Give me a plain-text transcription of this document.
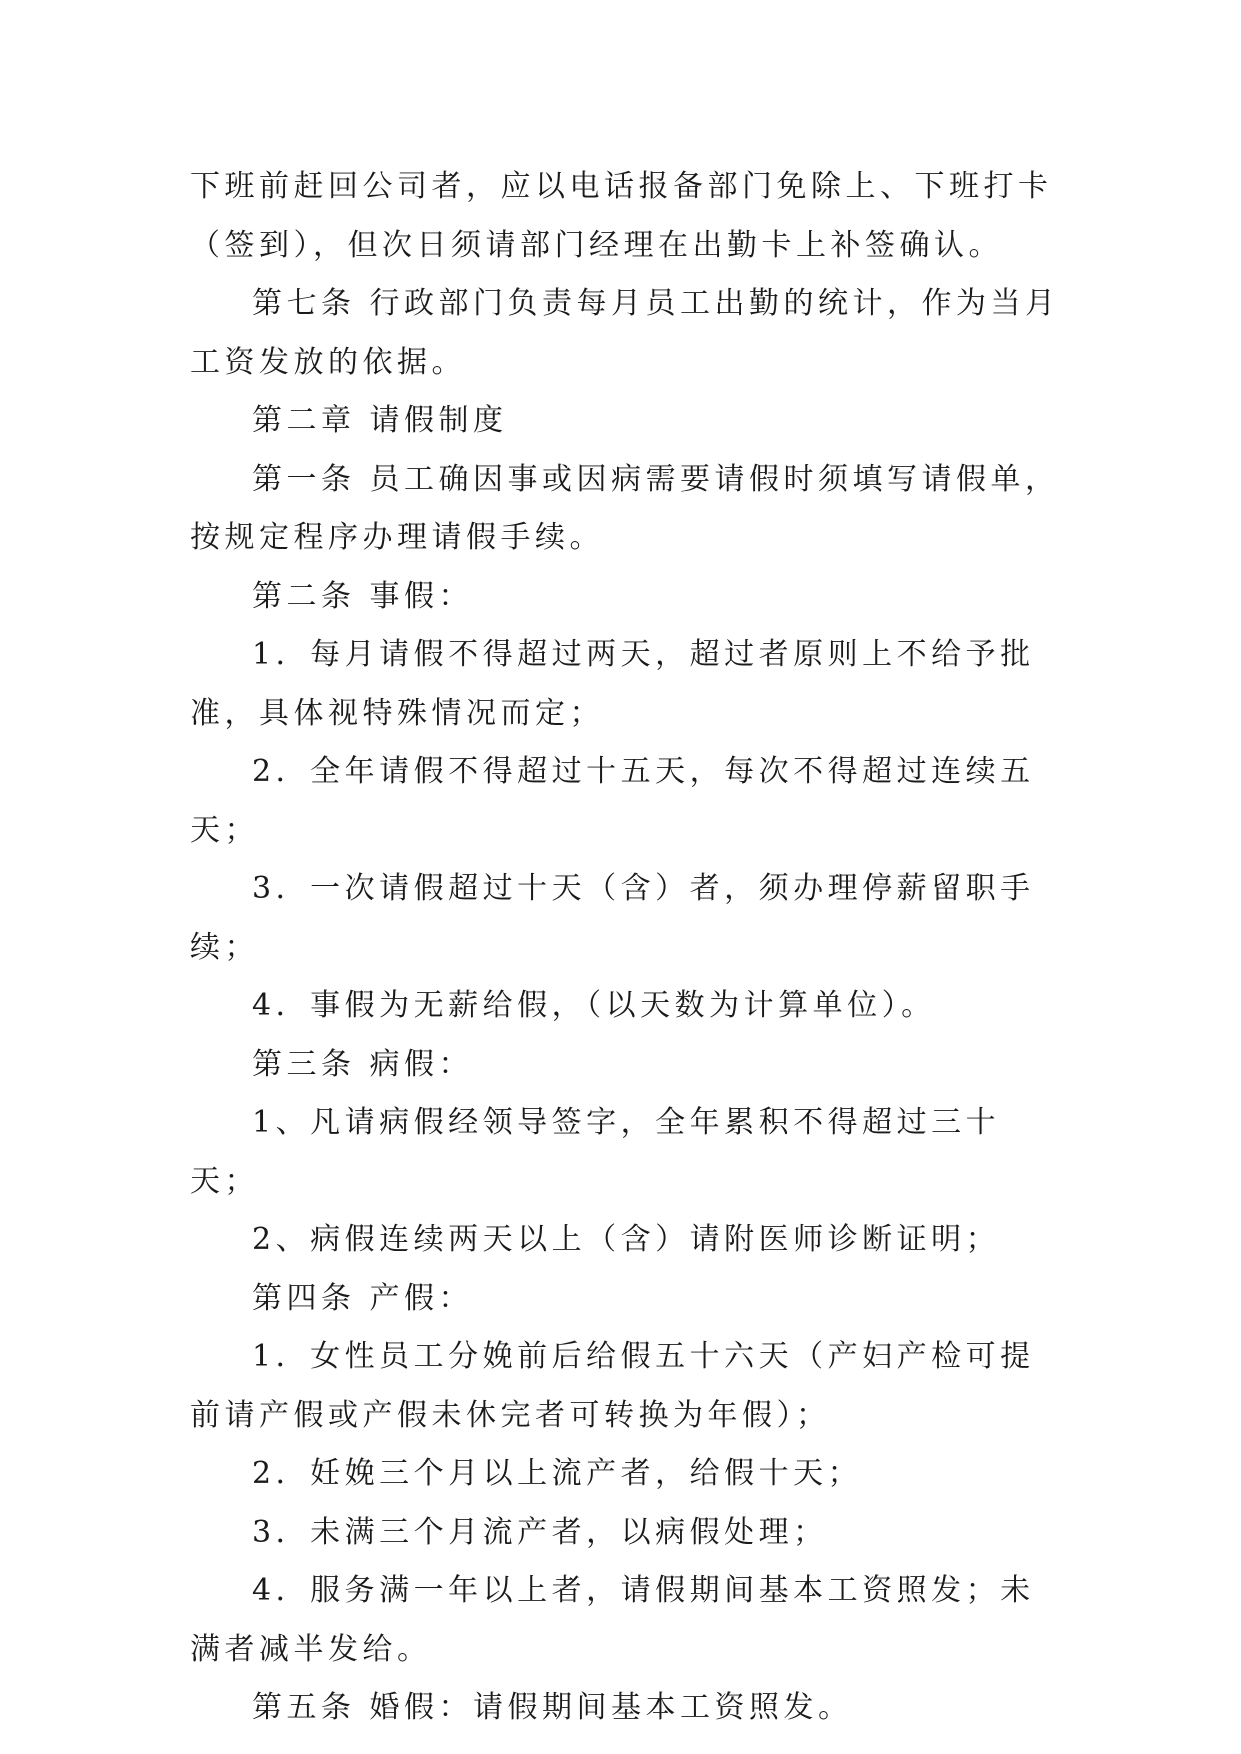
下班前赶回公司者，应以电话报备部门免除上、下班打卡（签到），但次日须请部门经理在出勤卡上补签确认。

第七条 行政部门负责每月员工出勤的统计，作为当月工资发放的依据。

第二章 请假制度

第一条 员工确因事或因病需要请假时须填写请假单，按规定程序办理请假手续。

第二条 事假：

1．每月请假不得超过两天，超过者原则上不给予批准，具体视特殊情况而定；

2．全年请假不得超过十五天，每次不得超过连续五天；

3．一次请假超过十天（含）者，须办理停薪留职手续；

4．事假为无薪给假，（以天数为计算单位）。

第三条 病假：

1、凡请病假经领导签字，全年累积不得超过三十天；

2、病假连续两天以上（含）请附医师诊断证明；

第四条 产假：

1．女性员工分娩前后给假五十六天（产妇产检可提前请产假或产假未休完者可转换为年假）；

2．妊娩三个月以上流产者，给假十天；

3．未满三个月流产者，以病假处理；

4．服务满一年以上者，请假期间基本工资照发；未满者减半发给。

第五条 婚假：请假期间基本工资照发。
